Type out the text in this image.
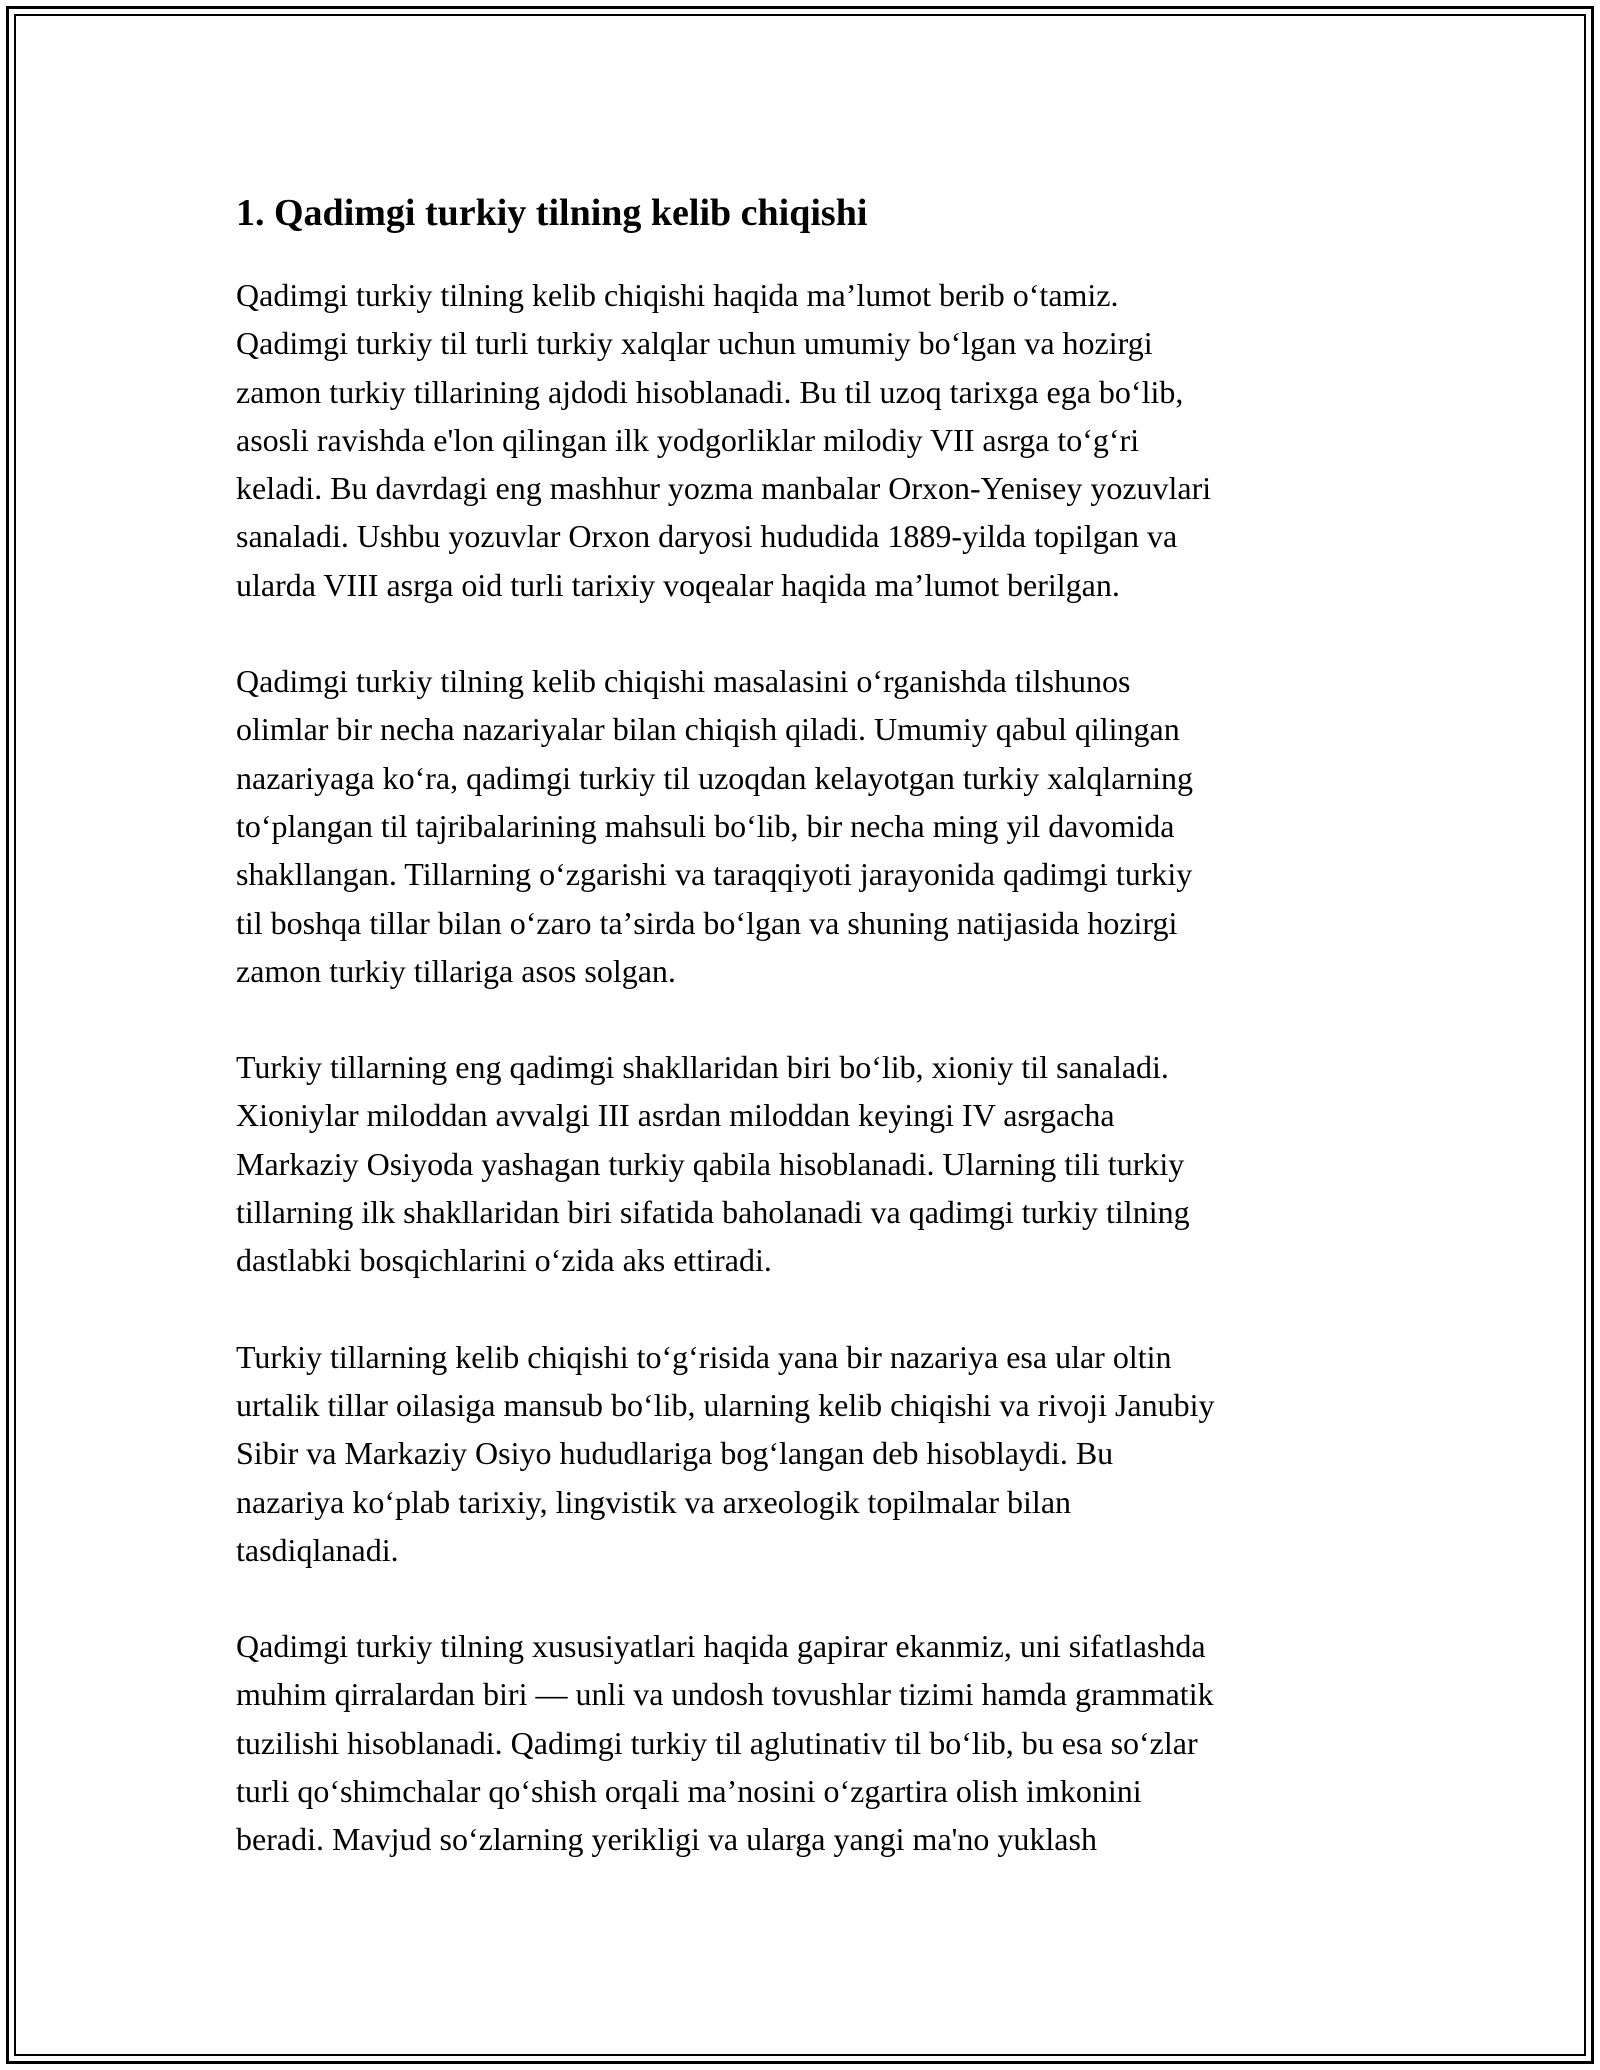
1. Qadimgi turkiy tilning kelib chiqishi

Qadimgi turkiy tilning kelib chiqishi haqida maʼlumot berib oʻtamiz.
Qadimgi turkiy til turli turkiy xalqlar uchun umumiy boʻlgan va hozirgi
zamon turkiy tillarining ajdodi hisoblanadi. Bu til uzoq tarixga ega boʻlib,
asosli ravishda e'lon qilingan ilk yodgorliklar milodiy VII asrga toʻgʻri
keladi. Bu davrdagi eng mashhur yozma manbalar Orxon-Yenisey yozuvlari
sanaladi. Ushbu yozuvlar Orxon daryosi hududida 1889-yilda topilgan va
ularda VIII asrga oid turli tarixiy voqealar haqida maʼlumot berilgan.

Qadimgi turkiy tilning kelib chiqishi masalasini oʻrganishda tilshunos
olimlar bir necha nazariyalar bilan chiqish qiladi. Umumiy qabul qilingan
nazariyaga koʻra, qadimgi turkiy til uzoqdan kelayotgan turkiy xalqlarning
toʻplangan til tajribalarining mahsuli boʻlib, bir necha ming yil davomida
shakllangan. Tillarning oʻzgarishi va taraqqiyoti jarayonida qadimgi turkiy
til boshqa tillar bilan oʻzaro taʼsirda boʻlgan va shuning natijasida hozirgi
zamon turkiy tillariga asos solgan.

Turkiy tillarning eng qadimgi shakllaridan biri boʻlib, xioniy til sanaladi.
Xioniylar miloddan avvalgi III asrdan miloddan keyingi IV asrgacha
Markaziy Osiyoda yashagan turkiy qabila hisoblanadi. Ularning tili turkiy
tillarning ilk shakllaridan biri sifatida baholanadi va qadimgi turkiy tilning
dastlabki bosqichlarini oʻzida aks ettiradi.

Turkiy tillarning kelib chiqishi toʻgʻrisida yana bir nazariya esa ular oltin
urtalik tillar oilasiga mansub boʻlib, ularning kelib chiqishi va rivoji Janubiy
Sibir va Markaziy Osiyo hududlariga bogʻlangan deb hisoblaydi. Bu
nazariya koʻplab tarixiy, lingvistik va arxeologik topilmalar bilan
tasdiqlanadi.

Qadimgi turkiy tilning xususiyatlari haqida gapirar ekanmiz, uni sifatlashda
muhim qirralardan biri — unli va undosh tovushlar tizimi hamda grammatik
tuzilishi hisoblanadi. Qadimgi turkiy til aglutinativ til boʻlib, bu esa soʻzlar
turli qoʻshimchalar qoʻshish orqali maʼnosini oʻzgartira olish imkonini
beradi. Mavjud soʻzlarning yerikligi va ularga yangi ma'no yuklash
